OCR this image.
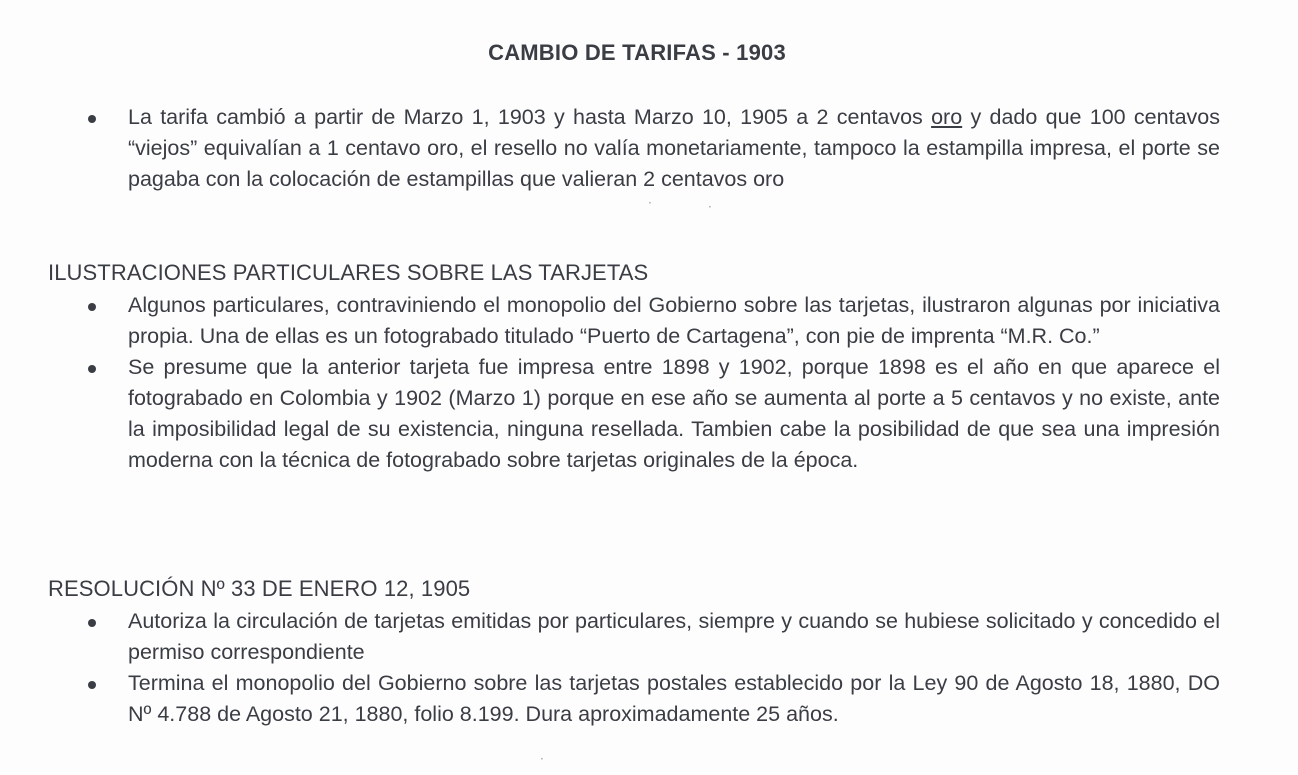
CAMBIO DE TARIFAS - 1903
La tarifa cambió a partir de Marzo 1, 1903 y hasta Marzo 10, 1905 a 2 centavos oro y dado que 100 centavos “viejos” equivalían a 1 centavo oro, el resello no valía monetariamente, tampoco la estampilla impresa, el porte se pagaba con la colocación de estampillas que valieran 2 centavos oro
ILUSTRACIONES PARTICULARES SOBRE LAS TARJETAS
Algunos particulares, contraviniendo el monopolio del Gobierno sobre las tarjetas, ilustraron algunas por iniciativa propia. Una de ellas es un fotograbado titulado “Puerto de Cartagena”, con pie de imprenta “M.R. Co.”
Se presume que la anterior tarjeta fue impresa entre 1898 y 1902, porque 1898 es el año en que aparece el fotograbado en Colombia y 1902 (Marzo 1) porque en ese año se aumenta al porte a 5 centavos y no existe, ante la imposibilidad legal de su existencia, ninguna resellada. Tambien cabe la posibilidad de que sea una impresión moderna con la técnica de fotograbado sobre tarjetas originales de la época.
RESOLUCIÓN Nº 33 DE ENERO 12, 1905
Autoriza la circulación de tarjetas emitidas por particulares, siempre y cuando se hubiese solicitado y concedido el permiso correspondiente
Termina el monopolio del Gobierno sobre las tarjetas postales establecido por la Ley 90 de Agosto 18, 1880, DO Nº 4.788 de Agosto 21, 1880, folio 8.199. Dura aproximadamente 25 años.
·	·
·
